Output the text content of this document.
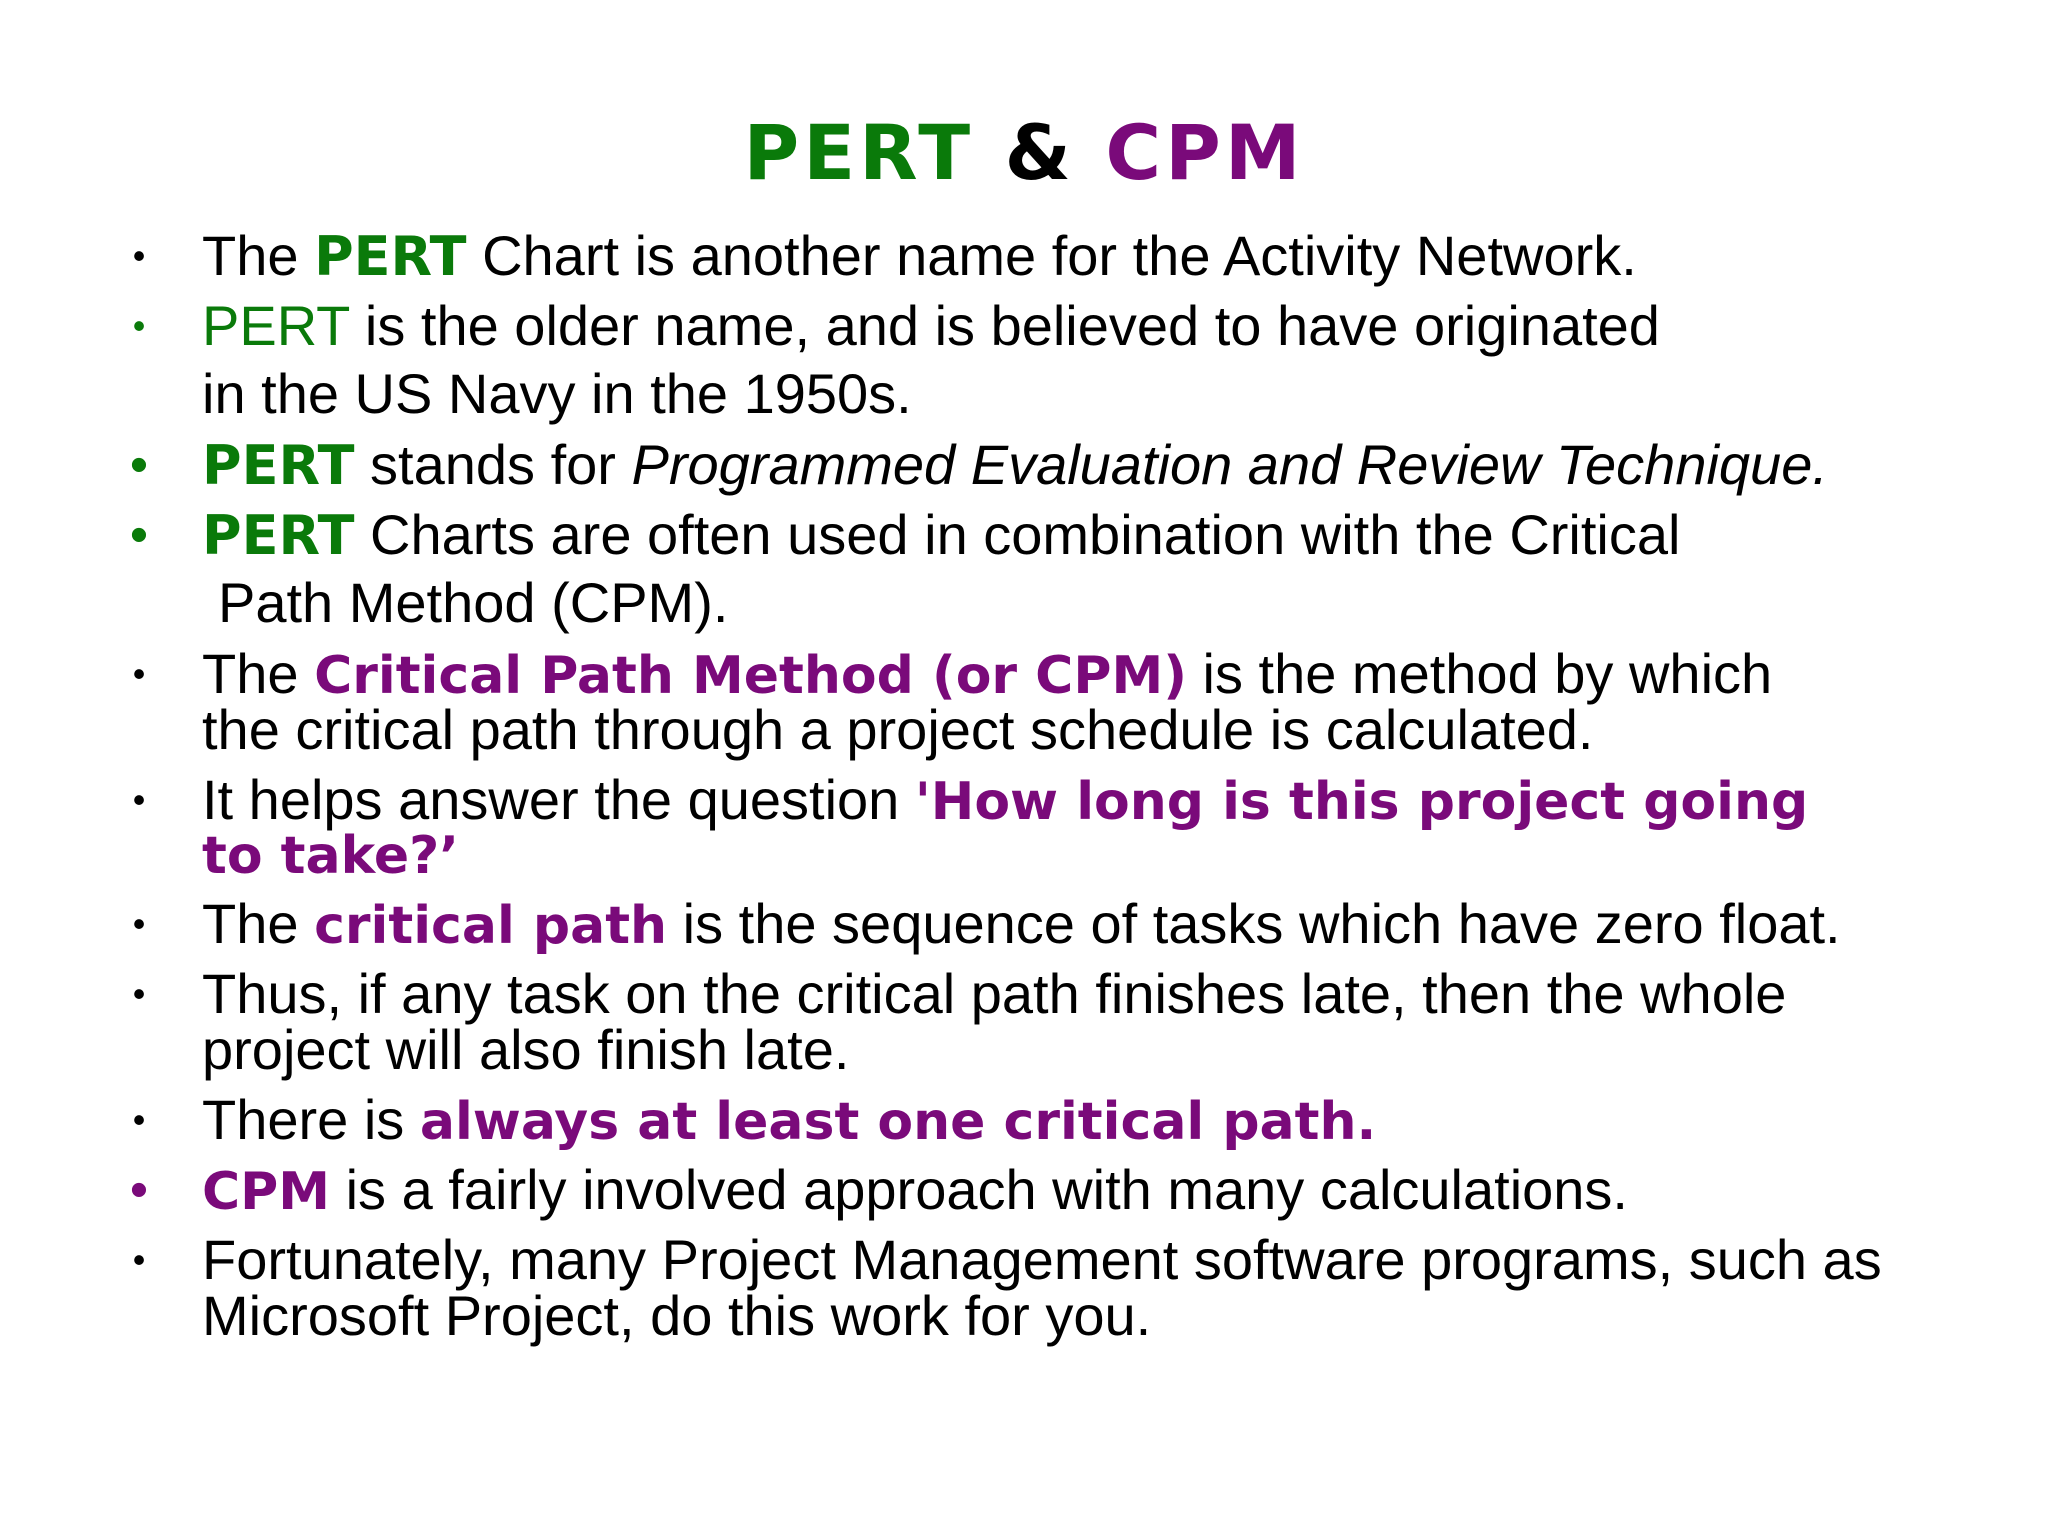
PERT & CPM
• The PERT Chart is another name for the Activity Network.
• PERT is the older name, and is believed to have originated
in the US Navy in the 1950s.
• PERT stands for Programmed Evaluation and Review Technique.
• PERT Charts are often used in combination with the Critical
Path Method (CPM).
• The Critical Path Method (or CPM) is the method by which
the critical path through a project schedule is calculated.
• It helps answer the question 'How long is this project going
to take?’
• The critical path is the sequence of tasks which have zero float.
• Thus, if any task on the critical path finishes late, then the whole
project will also finish late.
• There is always at least one critical path.
• CPM is a fairly involved approach with many calculations.
• Fortunately, many Project Management software programs, such as
Microsoft Project, do this work for you.
